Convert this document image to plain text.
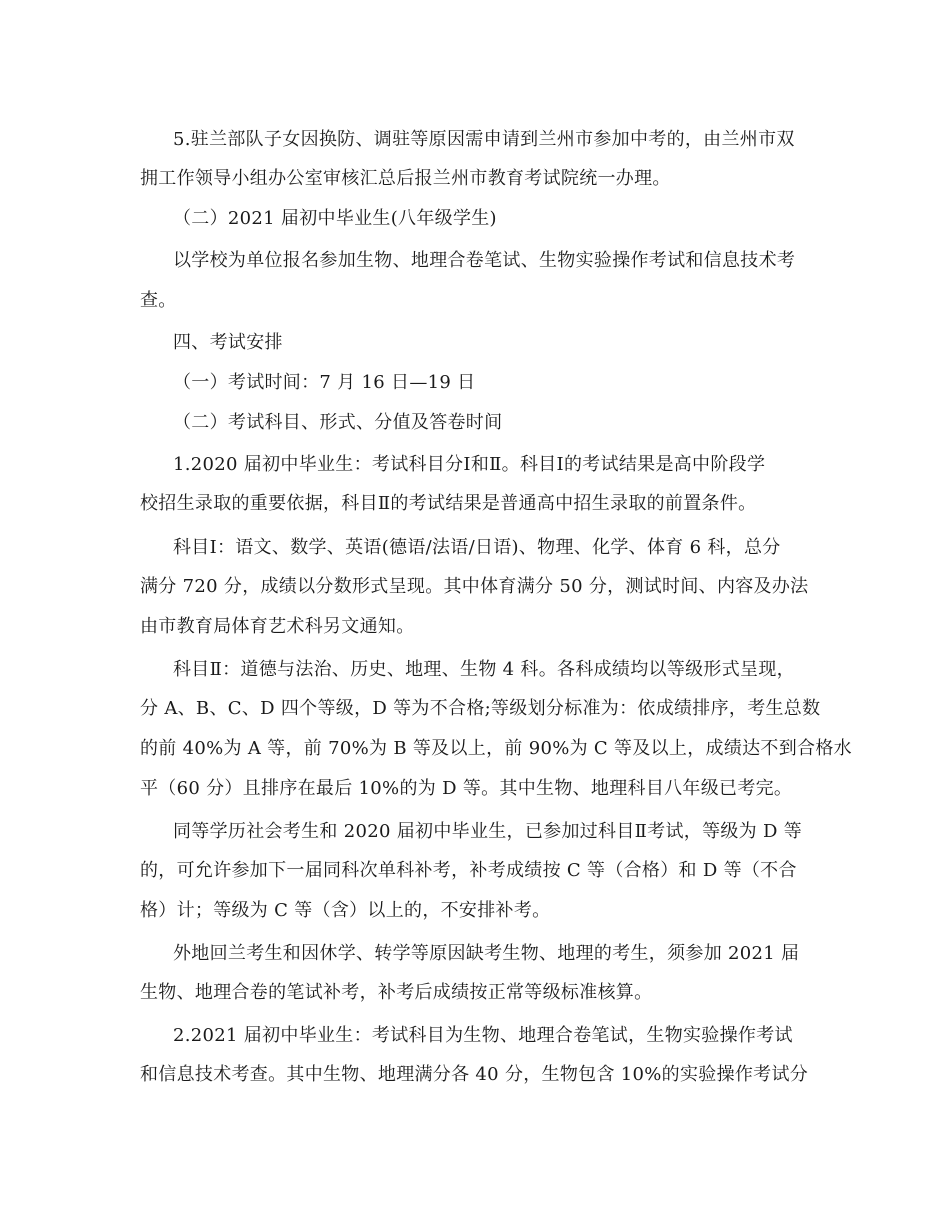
5.驻兰部队子女因换防、调驻等原因需申请到兰州市参加中考的，由兰州市双
拥工作领导小组办公室审核汇总后报兰州市教育考试院统一办理。
（二）2021 届初中毕业生(八年级学生)
以学校为单位报名参加生物、地理合卷笔试、生物实验操作考试和信息技术考
查。
四、考试安排
（一）考试时间：7 月 16 日—19 日
（二）考试科目、形式、分值及答卷时间
1.2020 届初中毕业生：考试科目分Ⅰ和Ⅱ。科目Ⅰ的考试结果是高中阶段学
校招生录取的重要依据，科目Ⅱ的考试结果是普通高中招生录取的前置条件。
科目Ⅰ：语文、数学、英语(德语/法语/日语)、物理、化学、体育 6 科，总分
满分 720 分，成绩以分数形式呈现。其中体育满分 50 分，测试时间、内容及办法
由市教育局体育艺术科另文通知。
科目Ⅱ：道德与法治、历史、地理、生物 4 科。各科成绩均以等级形式呈现，
分 A、B、C、D 四个等级，D 等为不合格;等级划分标准为：依成绩排序，考生总数
的前 40%为 A 等，前 70%为 B 等及以上，前 90%为 C 等及以上，成绩达不到合格水
平（60 分）且排序在最后 10%的为 D 等。其中生物、地理科目八年级已考完。
同等学历社会考生和 2020 届初中毕业生，已参加过科目Ⅱ考试，等级为 D 等
的，可允许参加下一届同科次单科补考，补考成绩按 C 等（合格）和 D 等（不合
格）计；等级为 C 等（含）以上的，不安排补考。
外地回兰考生和因休学、转学等原因缺考生物、地理的考生，须参加 2021 届
生物、地理合卷的笔试补考，补考后成绩按正常等级标准核算。
2.2021 届初中毕业生：考试科目为生物、地理合卷笔试，生物实验操作考试
和信息技术考查。其中生物、地理满分各 40 分，生物包含 10%的实验操作考试分
